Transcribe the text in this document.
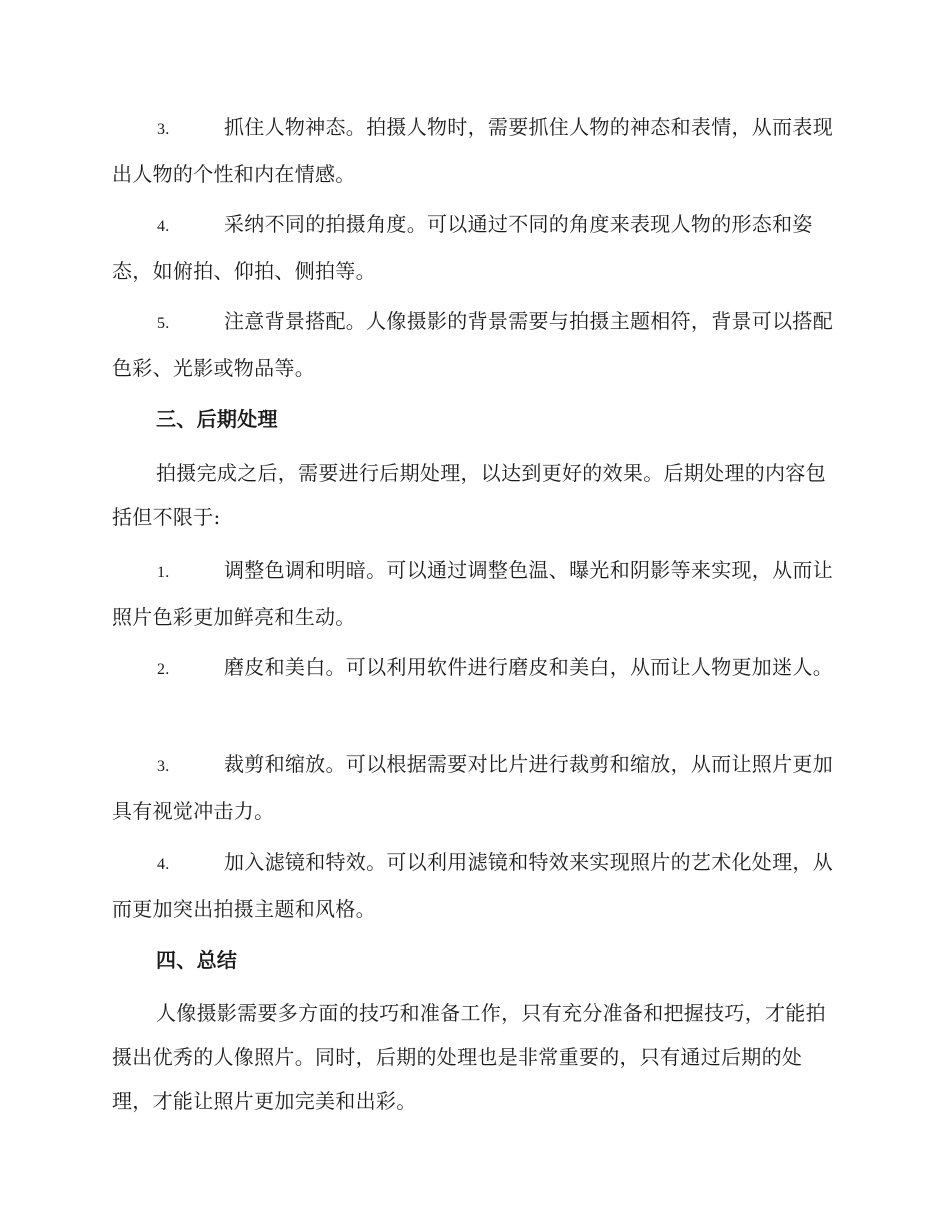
3.	抓住人物神态。拍摄人物时，需要抓住人物的神态和表情，从而表现出人物的个性和内在情感。
4.	采纳不同的拍摄角度。可以通过不同的角度来表现人物的形态和姿态，如俯拍、仰拍、侧拍等。
5.	注意背景搭配。人像摄影的背景需要与拍摄主题相符，背景可以搭配色彩、光影或物品等。
三、后期处理
拍摄完成之后，需要进行后期处理，以达到更好的效果。后期处理的内容包括但不限于:
1.	调整色调和明暗。可以通过调整色温、曝光和阴影等来实现，从而让照片色彩更加鲜亮和生动。
2.	磨皮和美白。可以利用软件进行磨皮和美白，从而让人物更加迷人。
3.	裁剪和缩放。可以根据需要对比片进行裁剪和缩放，从而让照片更加具有视觉冲击力。
4.	加入滤镜和特效。可以利用滤镜和特效来实现照片的艺术化处理，从而更加突出拍摄主题和风格。
四、总结
人像摄影需要多方面的技巧和准备工作，只有充分准备和把握技巧，才能拍摄出优秀的人像照片。同时，后期的处理也是非常重要的，只有通过后期的处理，才能让照片更加完美和出彩。
